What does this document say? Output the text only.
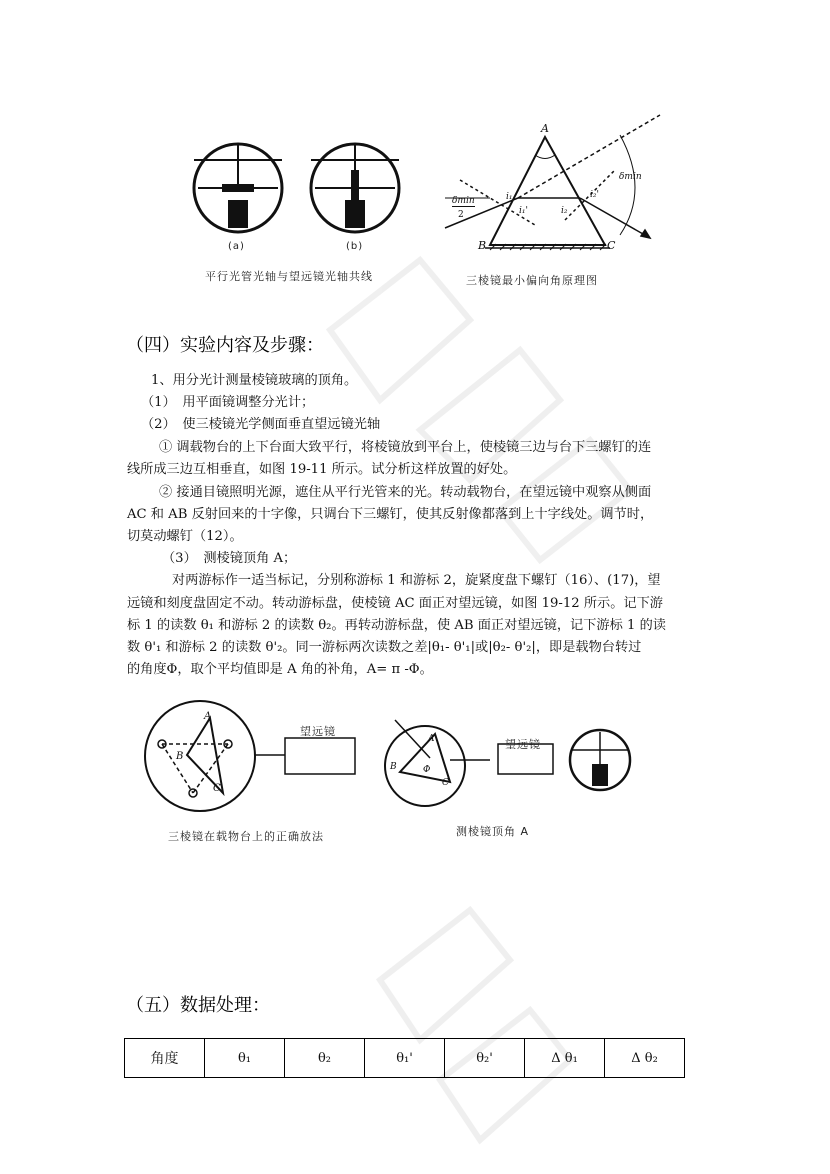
(a)	(b)
平行光管光轴与望远镜光轴共线	三棱镜最小偏向角原理图
A
B	C
i₁
i₁'	i₂
i₂'
δmin
δmin
2
（四）实验内容及步骤：
1、用分光计测量棱镜玻璃的顶角。
（1）　用平面镜调整分光计；
（2）　使三棱镜光学侧面垂直望远镜光轴
① 调载物台的上下台面大致平行，将棱镜放到平台上，使棱镜三边与台下三螺钉的连
线所成三边互相垂直，如图 19-11 所示。试分析这样放置的好处。
② 接通目镜照明光源，遮住从平行光管来的光。转动载物台，在望远镜中观察从侧面
AC 和 AB 反射回来的十字像，只调台下三螺钉，使其反射像都落到上十字线处。调节时，
切莫动螺钉（12）。
（3）　测棱镜顶角 A；
对两游标作一适当标记，分别称游标 1 和游标 2，旋紧度盘下螺钉（16）、(17)，望
远镜和刻度盘固定不动。转动游标盘，使棱镜 AC 面正对望远镜，如图 19-12 所示。记下游
标 1 的读数 θ₁ 和游标 2 的读数 θ₂。再转动游标盘，使 AB 面正对望远镜，记下游标 1 的读
数 θ'₁ 和游标 2 的读数 θ'₂。同一游标两次读数之差|θ₁- θ'₁|或|θ₂- θ'₂|，即是载物台转过
的角度Φ，取个平均值即是 A 角的补角，A= π -Φ。
望远镜
望远镜
A
B
C
A
B
C
Φ
三棱镜在载物台上的正确放法	测棱镜顶角 A
（五）数据处理：
角度	θ₁	θ₂	θ₁'	θ₂'	Δ θ₁	Δ θ₂
